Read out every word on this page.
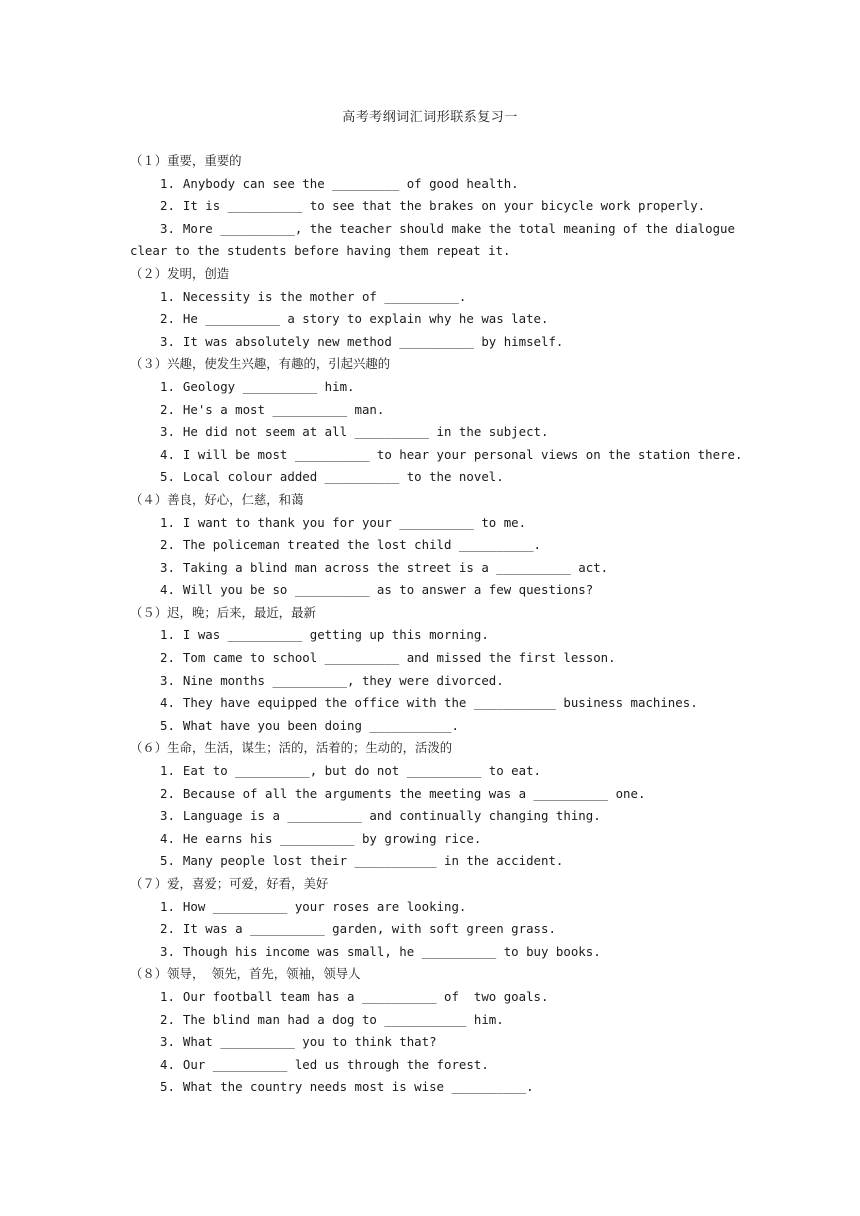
高考考纲词汇词形联系复习一
（１）重要，重要的
1. Anybody can see the _________ of good health.
2. It is __________ to see that the brakes on your bicycle work properly.
3. More __________, the teacher should make the total meaning of the dialogue
clear to the students before having them repeat it.
（２）发明，创造
1. Necessity is the mother of __________.
2. He __________ a story to explain why he was late.
3. It was absolutely new method __________ by himself.
（３）兴趣，使发生兴趣，有趣的，引起兴趣的
1. Geology __________ him.
2. He's a most __________ man.
3. He did not seem at all __________ in the subject.
4. I will be most __________ to hear your personal views on the station there.
5. Local colour added __________ to the novel.
（４）善良，好心，仁慈，和蔼
1. I want to thank you for your __________ to me.
2. The policeman treated the lost child __________.
3. Taking a blind man across the street is a __________ act.
4. Will you be so __________ as to answer a few questions?
（５）迟，晚；后来，最近，最新
1. I was __________ getting up this morning.
2. Tom came to school __________ and missed the first lesson.
3. Nine months __________, they were divorced.
4. They have equipped the office with the ___________ business machines.
5. What have you been doing ___________.
（６）生命，生活，谋生；活的，活着的；生动的，活泼的
1. Eat to __________, but do not __________ to eat.
2. Because of all the arguments the meeting was a __________ one.
3. Language is a __________ and continually changing thing.
4. He earns his __________ by growing rice.
5. Many people lost their ___________ in the accident.
（７）爱，喜爱；可爱，好看，美好
1. How __________ your roses are looking.
2. It was a __________ garden, with soft green grass.
3. Though his income was small, he __________ to buy books.
（８）领导， 领先，首先，领袖，领导人
1. Our football team has a __________ of  two goals.
2. The blind man had a dog to ___________ him.
3. What __________ you to think that?
4. Our __________ led us through the forest.
5. What the country needs most is wise __________.
